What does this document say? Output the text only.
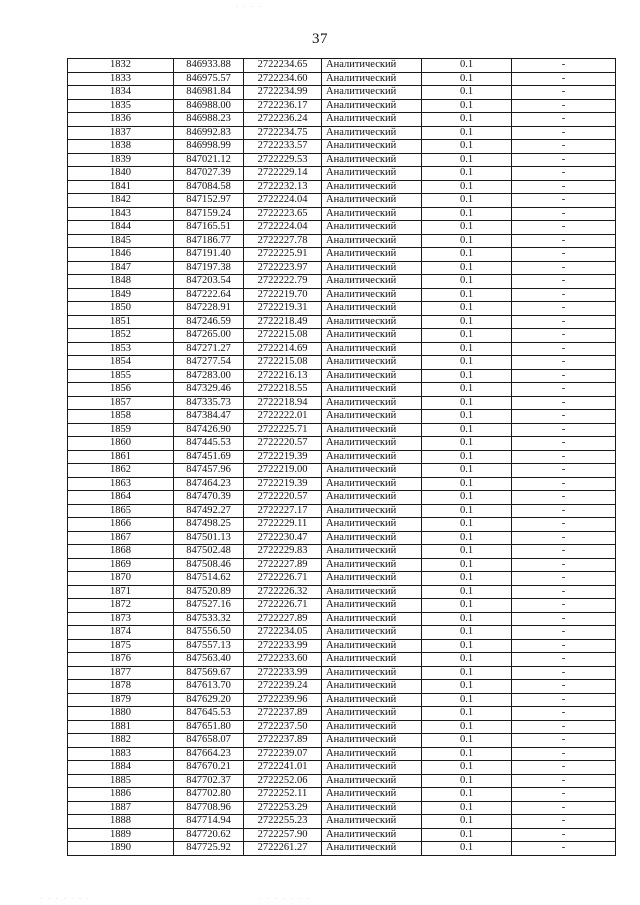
· · · ·
37
1832	846933.88	2722234.65	Аналитический	0.1	-
1833	846975.57	2722234.60	Аналитический	0.1	-
1834	846981.84	2722234.99	Аналитический	0.1	-
1835	846988.00	2722236.17	Аналитический	0.1	-
1836	846988.23	2722236.24	Аналитический	0.1	-
1837	846992.83	2722234.75	Аналитический	0.1	-
1838	846998.99	2722233.57	Аналитический	0.1	-
1839	847021.12	2722229.53	Аналитический	0.1	-
1840	847027.39	2722229.14	Аналитический	0.1	-
1841	847084.58	2722232.13	Аналитический	0.1	-
1842	847152.97	2722224.04	Аналитический	0.1	-
1843	847159.24	2722223.65	Аналитический	0.1	-
1844	847165.51	2722224.04	Аналитический	0.1	-
1845	847186.77	2722227.78	Аналитический	0.1	-
1846	847191.40	2722225.91	Аналитический	0.1	-
1847	847197.38	2722223.97	Аналитический	0.1	-
1848	847203.54	2722222.79	Аналитический	0.1	-
1849	847222.64	2722219.70	Аналитический	0.1	-
1850	847228.91	2722219.31	Аналитический	0.1	-
1851	847246.59	2722218.49	Аналитический	0.1	-
1852	847265.00	2722215.08	Аналитический	0.1	-
1853	847271.27	2722214.69	Аналитический	0.1	-
1854	847277.54	2722215.08	Аналитический	0.1	-
1855	847283.00	2722216.13	Аналитический	0.1	-
1856	847329.46	2722218.55	Аналитический	0.1	-
1857	847335.73	2722218.94	Аналитический	0.1	-
1858	847384.47	2722222.01	Аналитический	0.1	-
1859	847426.90	2722225.71	Аналитический	0.1	-
1860	847445.53	2722220.57	Аналитический	0.1	-
1861	847451.69	2722219.39	Аналитический	0.1	-
1862	847457.96	2722219.00	Аналитический	0.1	-
1863	847464.23	2722219.39	Аналитический	0.1	-
1864	847470.39	2722220.57	Аналитический	0.1	-
1865	847492.27	2722227.17	Аналитический	0.1	-
1866	847498.25	2722229.11	Аналитический	0.1	-
1867	847501.13	2722230.47	Аналитический	0.1	-
1868	847502.48	2722229.83	Аналитический	0.1	-
1869	847508.46	2722227.89	Аналитический	0.1	-
1870	847514.62	2722226.71	Аналитический	0.1	-
1871	847520.89	2722226.32	Аналитический	0.1	-
1872	847527.16	2722226.71	Аналитический	0.1	-
1873	847533.32	2722227.89	Аналитический	0.1	-
1874	847556.50	2722234.05	Аналитический	0.1	-
1875	847557.13	2722233.99	Аналитический	0.1	-
1876	847563.40	2722233.60	Аналитический	0.1	-
1877	847569.67	2722233.99	Аналитический	0.1	-
1878	847613.70	2722239.24	Аналитический	0.1	-
1879	847629.20	2722239.96	Аналитический	0.1	-
1880	847645.53	2722237.89	Аналитический	0.1	-
1881	847651.80	2722237.50	Аналитический	0.1	-
1882	847658.07	2722237.89	Аналитический	0.1	-
1883	847664.23	2722239.07	Аналитический	0.1	-
1884	847670.21	2722241.01	Аналитический	0.1	-
1885	847702.37	2722252.06	Аналитический	0.1	-
1886	847702.80	2722252.11	Аналитический	0.1	-
1887	847708.96	2722253.29	Аналитический	0.1	-
1888	847714.94	2722255.23	Аналитический	0.1	-
1889	847720.62	2722257.90	Аналитический	0.1	-
1890	847725.92	2722261.27	Аналитический	0.1	-
· · · · · · ·	· · · · · · ·
